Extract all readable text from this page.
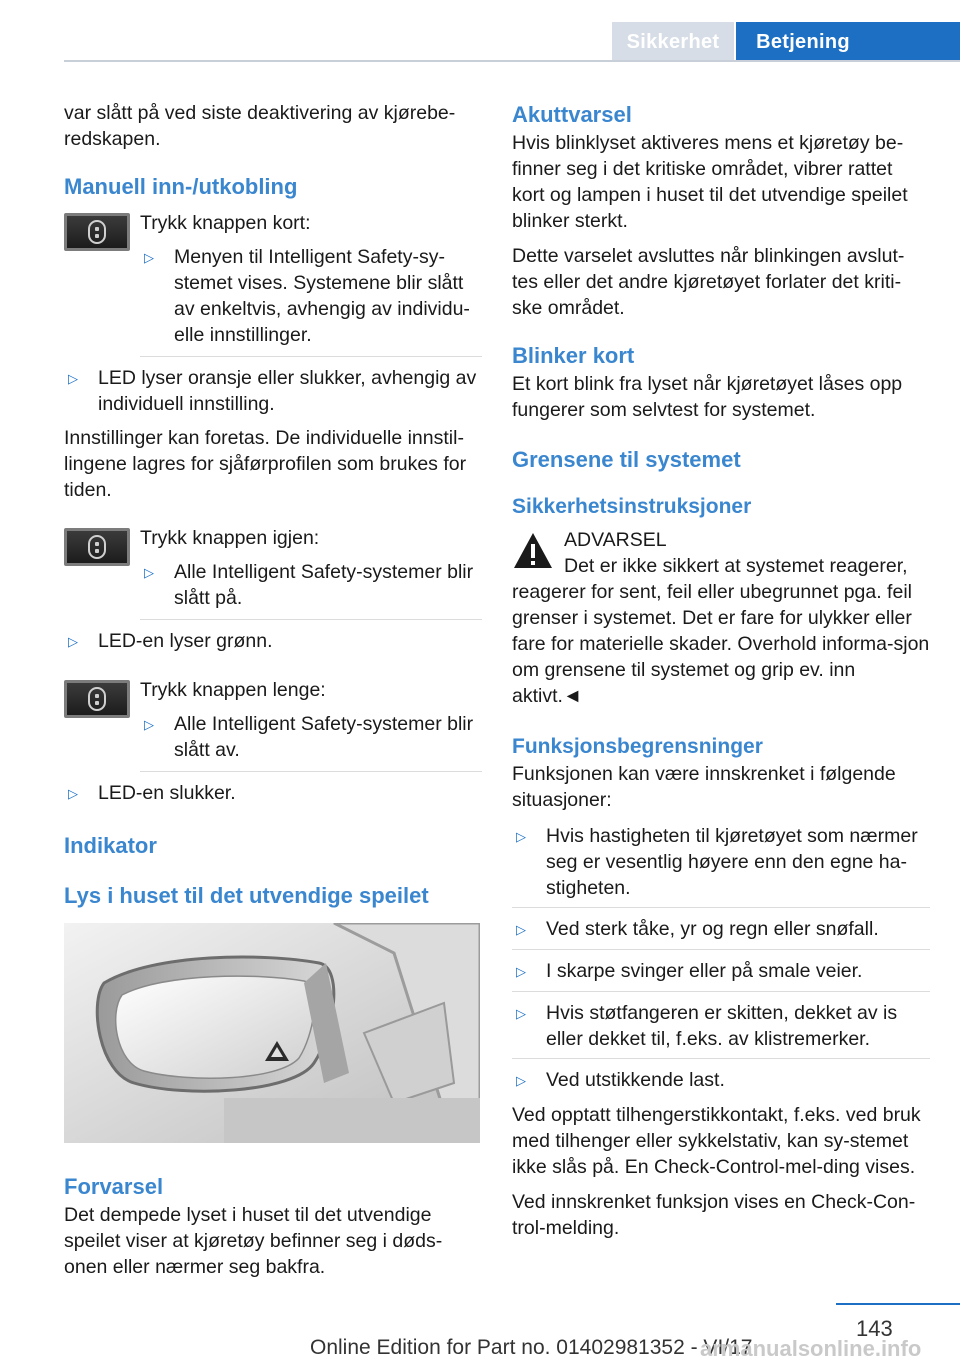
Sikkerhet	Betjening

var slått på ved siste deaktivering av kjørebe-redskapen.

Manuell inn-/utkobling

Trykk knappen kort:

▷	Menyen til Intelligent Safety-sy-stemet vises. Systemene blir slått av enkeltvis, avhengig av individu-elle innstillinger.
▷	LED lyser oransje eller slukker, avhengig av individuell innstilling.

Innstillinger kan foretas. De individuelle innstil-lingene lagres for sjåførprofilen som brukes for tiden.

Trykk knappen igjen:

▷	Alle Intelligent Safety-systemer blir slått på.
▷	LED-en lyser grønn.

Trykk knappen lenge:

▷	Alle Intelligent Safety-systemer blir slått av.
▷	LED-en slukker.
Indikator
Lys i huset til det utvendige speilet
Forvarsel

Det dempede lyset i huset til det utvendige speilet viser at kjøretøy befinner seg i døds-onen eller nærmer seg bakfra.

Akuttvarsel

Hvis blinklyset aktiveres mens et kjøretøy be-finner seg i det kritiske området, vibrer rattet kort og lampen i huset til det utvendige speilet blinker sterkt.

Dette varselet avsluttes når blinkingen avslut-tes eller det andre kjøretøyet forlater det kriti-ske området.

Blinker kort

Et kort blink fra lyset når kjøretøyet låses opp fungerer som selvtest for systemet.

Grensene til systemet
Sikkerhetsinstruksjoner

ADVARSEL

Det er ikke sikkert at systemet reagerer,

reagerer for sent, feil eller ubegrunnet pga. feil grenser i systemet. Det er fare for ulykker eller fare for materielle skader. Overhold informa-sjon om grensene til systemet og grip ev. inn aktivt.◄

Funksjonsbegrensninger

Funksjonen kan være innskrenket i følgende situasjoner:

▷	Hvis hastigheten til kjøretøyet som nærmer seg er vesentlig høyere enn den egne ha-stigheten.
▷	Ved sterk tåke, yr og regn eller snøfall.
▷	I skarpe svinger eller på smale veier.
▷	Hvis støtfangeren er skitten, dekket av is eller dekket til, f.eks. av klistremerker.
▷	Ved utstikkende last.

Ved opptatt tilhengerstikkontakt, f.eks. ved bruk med tilhenger eller sykkelstativ, kan sy-stemet ikke slås på. En Check-Control-mel-ding vises.

Ved innskrenket funksjon vises en Check-Con-trol-melding.

143
Online Edition for Part no. 01402981352 - VI/17
armanualsonline.info
